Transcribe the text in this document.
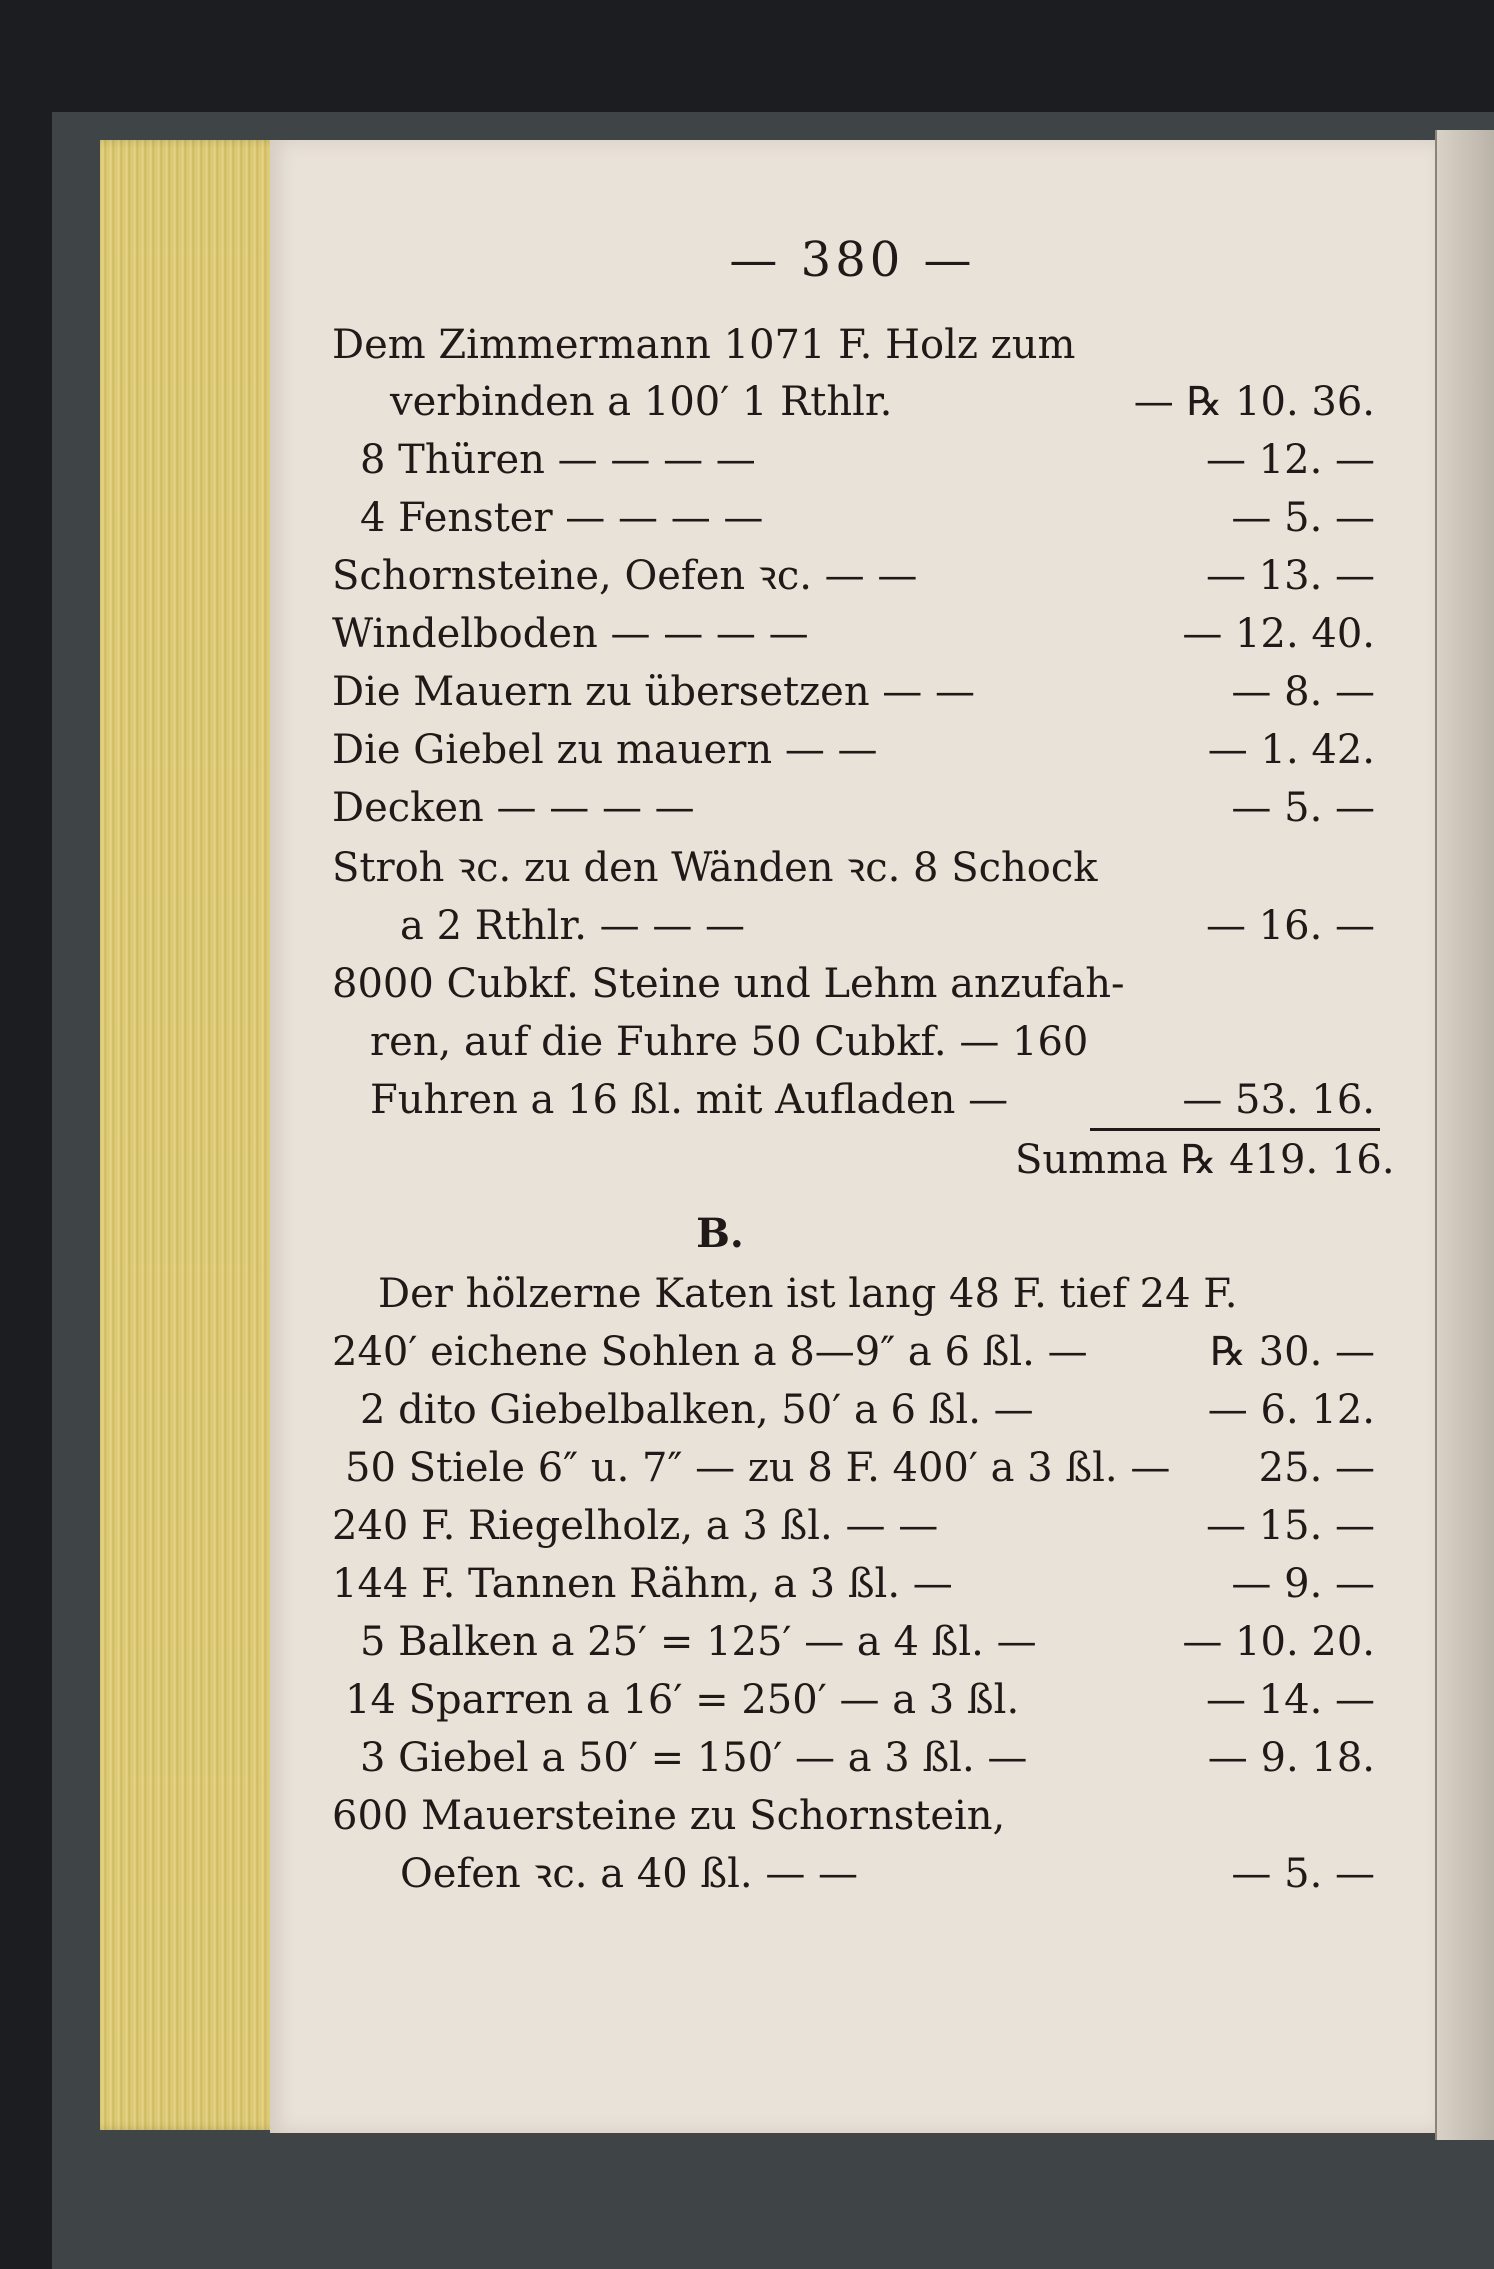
— 380 —
Dem Zimmermann 1071 F. Holz zum
verbinden a 100′ 1 Rthlr.	— ℞ 10. 36.
8 Thüren — — — —	— 12. —
4 Fenster — — — —	— 5. —
Schornsteine, Oefen ꝛc. — —	— 13. —
Windelboden — — — —	— 12. 40.
Die Mauern zu übersetzen — —	— 8. —
Die Giebel zu mauern — —	— 1. 42.
Decken — — — —	— 5. —
Stroh ꝛc. zu den Wänden ꝛc. 8 Schock
a 2 Rthlr. — — —	— 16. —
8000 Cubkf. Steine und Lehm anzufah-
ren, auf die Fuhre 50 Cubkf. — 160
Fuhren a 16 ßl. mit Aufladen —	— 53. 16.
Summa ℞ 419. 16.
B.
Der hölzerne Katen ist lang 48 F. tief 24 F.
240′ eichene Sohlen a 8—9″ a 6 ßl. —	℞ 30. —
2 dito Giebelbalken, 50′ a 6 ßl. —	— 6. 12.
50 Stiele 6″ u. 7″ — zu 8 F. 400′ a 3 ßl. —	25. —
240 F. Riegelholz, a 3 ßl. — —	— 15. —
144 F. Tannen Rähm, a 3 ßl. —	— 9. —
5 Balken a 25′ = 125′ — a 4 ßl. —	— 10. 20.
14 Sparren a 16′ = 250′ — a 3 ßl.	— 14. —
3 Giebel a 50′ = 150′ — a 3 ßl. —	— 9. 18.
600 Mauersteine zu Schornstein,
Oefen ꝛc. a 40 ßl. — —	— 5. —
